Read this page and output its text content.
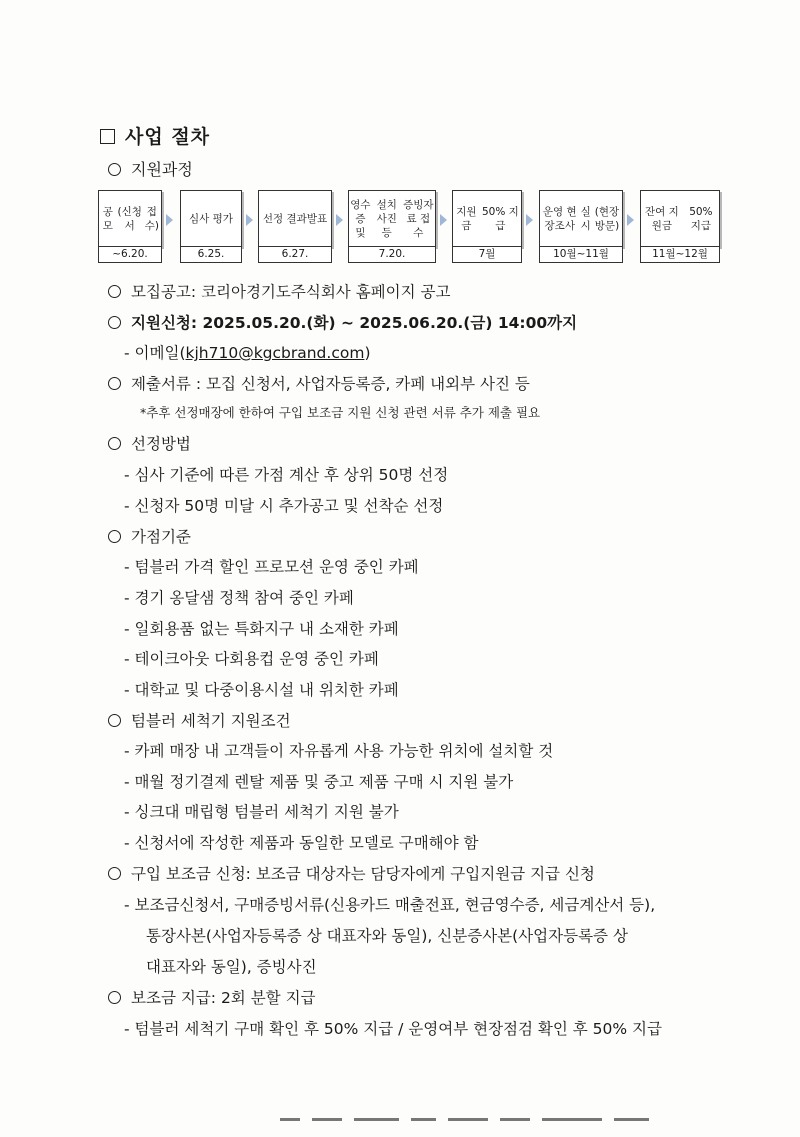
사업 절차
지원과정
공 모

(신청서

접수)
~6.20.
심사 평가
6.25.
선정 결과 발표
6.27.
영수증 및

설치 사진 등

증빙자료 접수
7.20.
지원금

50% 지급
7월
운영 현장조사

실시

(현장방문)
10월~11월
잔여 지원금

50% 지급
11월~12월
모집공고: 코리아경기도주식회사 홈페이지 공고
지원신청: 2025.05.20.(화) ~ 2025.06.20.(금) 14:00까지
- 이메일(kjh710@kgcbrand.com)
제출서류 : 모집 신청서, 사업자등록증, 카페 내외부 사진 등
*추후 선정매장에 한하여 구입 보조금 지원 신청 관련 서류 추가 제출 필요
선정방법
- 심사 기준에 따른 가점 계산 후 상위 50명 선정
- 신청자 50명 미달 시 추가공고 및 선착순 선정
가점기준
- 텀블러 가격 할인 프로모션 운영 중인 카페
- 경기 옹달샘 정책 참여 중인 카페
- 일회용품 없는 특화지구 내 소재한 카페
- 테이크아웃 다회용컵 운영 중인 카페
- 대학교 및 다중이용시설 내 위치한 카페
텀블러 세척기 지원조건
- 카페 매장 내 고객들이 자유롭게 사용 가능한 위치에 설치할 것
- 매월 정기결제 렌탈 제품 및 중고 제품 구매 시 지원 불가
- 싱크대 매립형 텀블러 세척기 지원 불가
- 신청서에 작성한 제품과 동일한 모델로 구매해야 함
구입 보조금 신청: 보조금 대상자는 담당자에게 구입지원금 지급 신청
- 보조금신청서, 구매증빙서류(신용카드 매출전표, 현금영수증, 세금계산서 등),
통장사본(사업자등록증 상 대표자와 동일), 신분증사본(사업자등록증 상
대표자와 동일), 증빙사진
보조금 지급: 2회 분할 지급
- 텀블러 세척기 구매 확인 후 50% 지급 / 운영여부 현장점검 확인 후 50% 지급
